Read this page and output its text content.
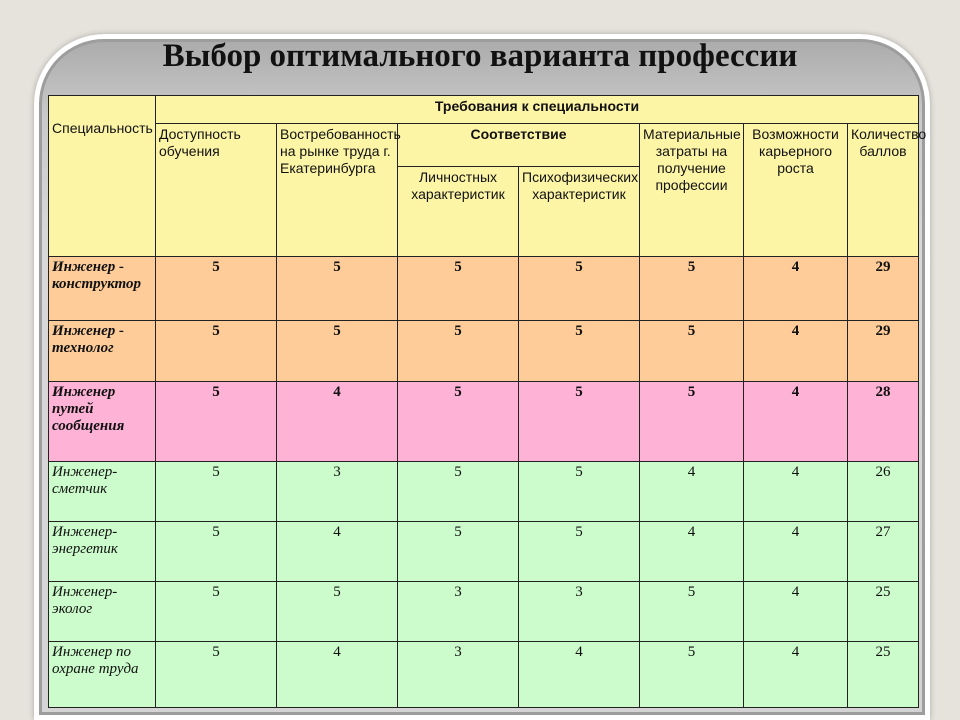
Выбор оптимального варианта профессии
Специальность	Требования к специальности						
	Доступность обучения	Востребованность на рынке труда г. Екатеринбурга	Соответствие		Материальные затраты на получение профессии	Возможности карьерного роста	Количество баллов
			Личностных характеристик	Психофизических характеристик			
Инженер - конструктор	5	5	5	5	5	4	29
Инженер - технолог	5	5	5	5	5	4	29
Инженер путей сообщения	5	4	5	5	5	4	28
Инженер-сметчик	5	3	5	5	4	4	26
Инженер-энергетик	5	4	5	5	4	4	27
Инженер-эколог	5	5	3	3	5	4	25
Инженер по охране труда	5	4	3	4	5	4	25
